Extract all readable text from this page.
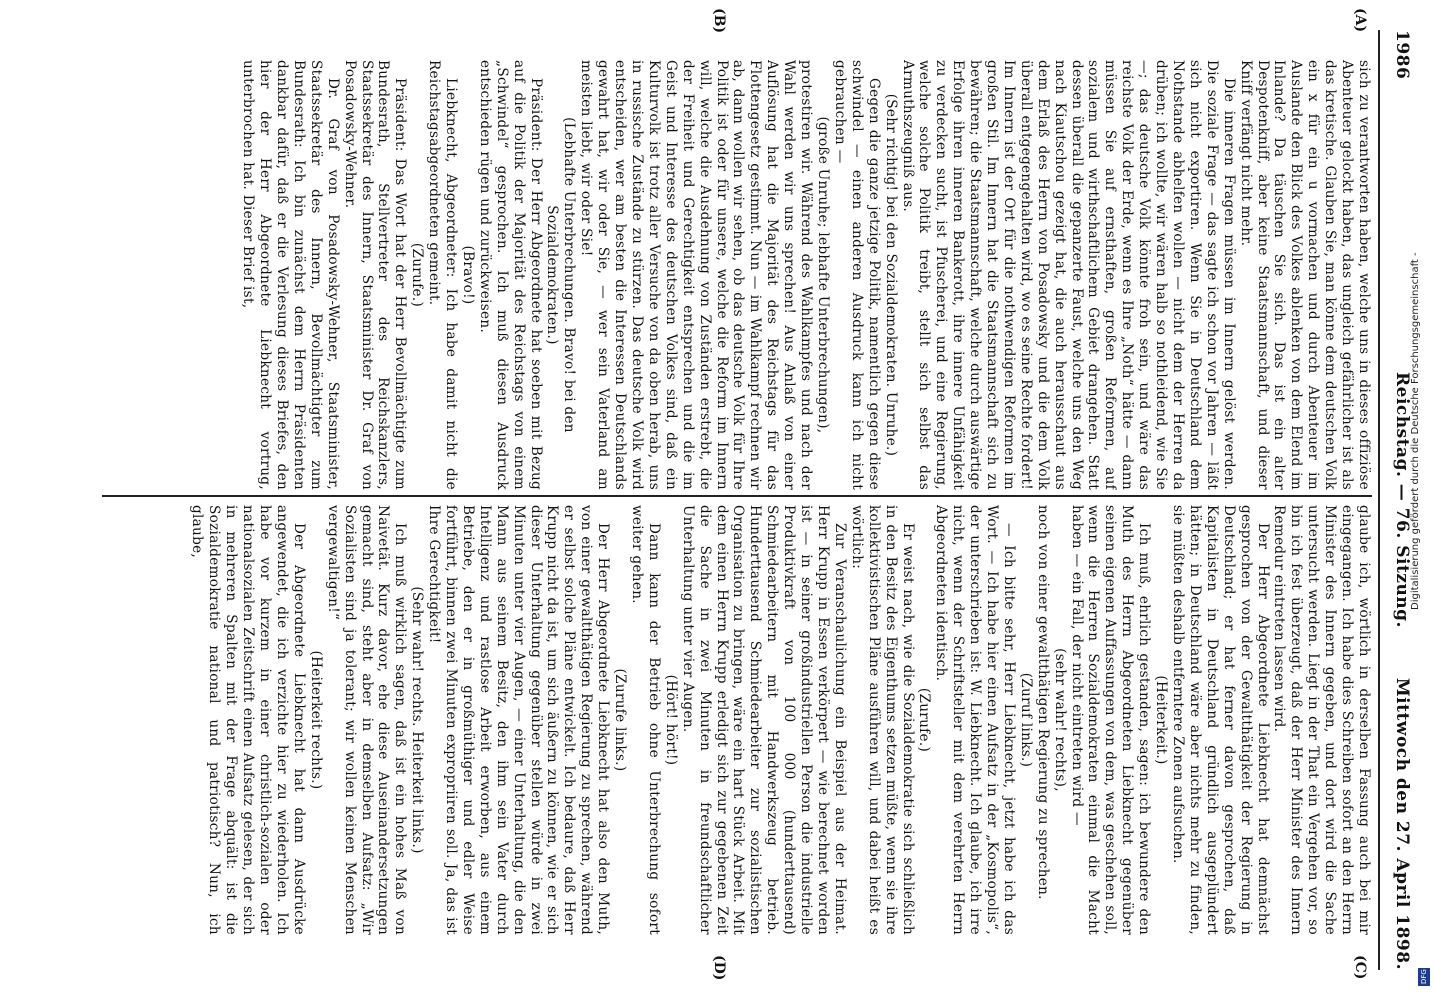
1986
Reichstag. — 76. Sitzung.
Mittwoch den 27. April 1898.
(A)
(B)
(C)
(D)

sich zu verantworten haben, welche uns in dieses offiziöse Abenteuer gelockt haben, das ungleich gefährlicher ist als das kretische. Glauben Sie, man könne dem deutschen Volk ein x für ein u vormachen und durch Abenteuer im Auslande den Blick des Volkes ablenken von dem Elend im Inlande? Da täuschen Sie sich. Das ist ein alter Despotenkniff, aber keine Staatsmannschaft, und dieser Kniff verfängt nicht mehr.

Die inneren Fragen müssen im Innern gelöst werden. Die soziale Frage — das sagte ich schon vor Jahren — läßt sich nicht exportiren. Wenn Sie in Deutschland dem Nothstande abhelfen wollen — nicht dem der Herren da drüben; ich wollte, wir wären halb so nothleidend, wie Sie —; das deutsche Volk könnte froh sein, und wäre das reichste Volk der Erde, wenn es Ihre „Noth“ hätte — dann müssen Sie auf ernsthaften, großen Reformen, auf sozialem und wirthschaftlichem Gebiet drangehen. Statt dessen überall die gepanzerte Faust, welche uns den Weg nach Kiautschou gezeigt hat, die auch herausschaut aus dem Erlaß des Herrn von Posadowsky und die dem Volk überall entgegengehalten wird, wo es seine Rechte fordert! Im Innern ist der Ort für die nothwendigen Reformen im großen Stil. Im Innern hat die Staatsmannschaft sich zu bewähren; die Staatsmannschaft, welche durch auswärtige Erfolge ihren inneren Bankerott, ihre innere Unfähigkeit zu verdecken sucht, ist Pfuscherei, und eine Regierung, welche solche Politik treibt, stellt sich selbst das Armuthszeugniß aus.

(Sehr richtig! bei den Sozialdemokraten. Unruhe.)

Gegen die ganze jetzige Politik, namentlich gegen diese schwindel — einen anderen Ausdruck kann ich nicht gebrauchen —

(große Unruhe; lebhafte Unterbrechungen),

protestiren wir. Während des Wahlkampfes und nach der Wahl werden wir uns sprechen! Aus Anlaß von einer Auflösung hat die Majorität des Reichstags für das Flottengesetz gestimmt. Nun — im Wahlkampf rechnen wir ab, dann wollen wir sehen, ob das deutsche Volk für Ihre Politik ist oder für unsere, welche die Reform im Innern will, welche die Ausdehnung von Zuständen erstrebt, die der Freiheit und Gerechtigkeit entsprechen und die im Geist und Interesse des deutschen Volkes sind, daß ein Kulturvolk ist trotz aller Versuche von da oben herab, uns in russische Zustände zu stürzen. Das deutsche Volk wird entscheiden, wer am besten die Interessen Deutschlands gewahrt hat, wir oder Sie, — wer sein Vaterland am meisten liebt, wir oder Sie!

(Lebhafte Unterbrechungen. Bravo! bei den Sozialdemokraten.)

Präsident: Der Herr Abgeordnete hat soeben mit Bezug auf die Politik der Majorität des Reichstags von einem „Schwindel“ gesprochen. Ich muß diesen Ausdruck entschieden rügen und zurückweisen.

(Bravo!)

Liebknecht, Abgeordneter: Ich habe damit nicht die Reichstagsabgeordneten gemeint.

(Zurufe.)

Präsident: Das Wort hat der Herr Bevollmächtigte zum Bundesrath, Stellvertreter des Reichskanzlers, Staatssekretär des Innern, Staatsminister Dr. Graf von Posadowsky-Wehner.

Dr. Graf von Posadowsky-Wehner, Staatsminister, Staatssekretär des Innern, Bevollmächtigter zum Bundesrath: Ich bin zunächst dem Herrn Präsidenten dankbar dafür, daß er die Verlesung dieses Briefes, den hier der Herr Abgeordnete Liebknecht vortrug, unterbrochen hat. Dieser Brief ist,

glaube ich, wörtlich in derselben Fassung auch bei mir eingegangen. Ich habe dies Schreiben sofort an den Herrn Minister des Innern gegeben, und dort wird die Sache untersucht werden. Liegt in der That ein Vergehen vor, so bin ich fest überzeugt, daß der Herr Minister des Innern Remedur eintreten lassen wird.

Der Herr Abgeordnete Liebknecht hat demnächst gesprochen von der Gewaltthätigkeit der Regierung in Deutschland; er hat ferner davon gesprochen, daß Kapitalisten in Deutschland gründlich ausgeplündert hätten; in Deutschland wäre aber nichts mehr zu finden, sie müßten deshalb entferntere Zonen aufsuchen.

(Heiterkeit.)

Ich muß, ehrlich gestanden, sagen: ich bewundere den Muth des Herrn Abgeordneten Liebknecht gegenüber seinen eigenen Auffassungen von dem, was geschehen soll, wenn die Herren Sozialdemokraten einmal die Macht haben — ein Fall, der nicht eintreten wird —

(sehr wahr! rechts),

noch von einer gewaltthätigen Regierung zu sprechen.

(Zuruf links.)

— Ich bitte sehr, Herr Liebknecht, jetzt habe ich das Wort. — Ich habe hier einen Aufsatz in der „Kosmopolis“, der unterschrieben ist: W. Liebknecht. Ich glaube, ich irre nicht, wenn der Schriftsteller mit dem verehrten Herrn Abgeordneten identisch.

(Zurufe.)

Er weist nach, wie die Sozialdemokratie sich schließlich in den Besitz des Eigenthums setzen müßte, wenn sie ihre kollektivistischen Pläne ausführen will, und dabei heißt es wörtlich:

Zur Veranschaulichung ein Beispiel aus der Heimat. Herr Krupp in Essen verkörpert — wie berechnet worden ist — in seiner großindustriellen Person die industrielle Produktivkraft von 100 000 (hunderttausend) Schmiedearbeitern mit Handwerkszeug betrieb. Hunderttausend Schmiedearbeiter zur sozialistischen Organisation zu bringen, wäre ein hart Stück Arbeit. Mit dem einen Herrn Krupp erledigt sich zur gegebenen Zeit die Sache in zwei Minuten in freundschaftlicher Unterhaltung unter vier Augen.

(Hört! hört!)

Dann kann der Betrieb ohne Unterbrechung sofort weiter gehen.

(Zurufe links.)

Der Herr Abgeordnete Liebknecht hat also den Muth, von einer gewaltthätigen Regierung zu sprechen, während er selbst solche Pläne entwickelt. Ich bedaure, daß Herr Krupp nicht da ist, um sich äußern zu können, wie er sich dieser Unterhaltung gegenüber stellen würde in zwei Minuten unter vier Augen, — einer Unterhaltung, die den Mann aus seinem Besitz, den ihm sein Vater durch Intelligenz und rastlose Arbeit erworben, aus einem Betriebe, den er in großmüthiger und edler Weise fortführt, binnen zwei Minuten expropriiren soll. Ja, das ist Ihre Gerechtigkeit!

(Sehr wahr! rechts. Heiterkeit links.)

Ich muß wirklich sagen, daß ist ein hohes Maß von Naivetät. Kurz davor, ehe diese Auseinandersetzungen gemacht sind, steht aber in demselben Aufsatz: „Wir Sozialisten sind ja tolerant; wir wollen keinen Menschen vergewaltigen!“

(Heiterkeit rechts.)

Der Abgeordnete Liebknecht hat dann Ausdrücke angewendet, die ich verzichte hier zu wiederholen. Ich habe vor kurzem in einer christlich-sozialen oder nationalsozialen Zeitschrift einen Aufsatz gelesen, der sich in mehreren Spalten mit der Frage abquält: ist die Sozialdemokratie national und patriotisch? Nun, ich glaube,	Digitalisierung gefördert durch die Deutsche Forschungsgemeinschaft -
DFG
